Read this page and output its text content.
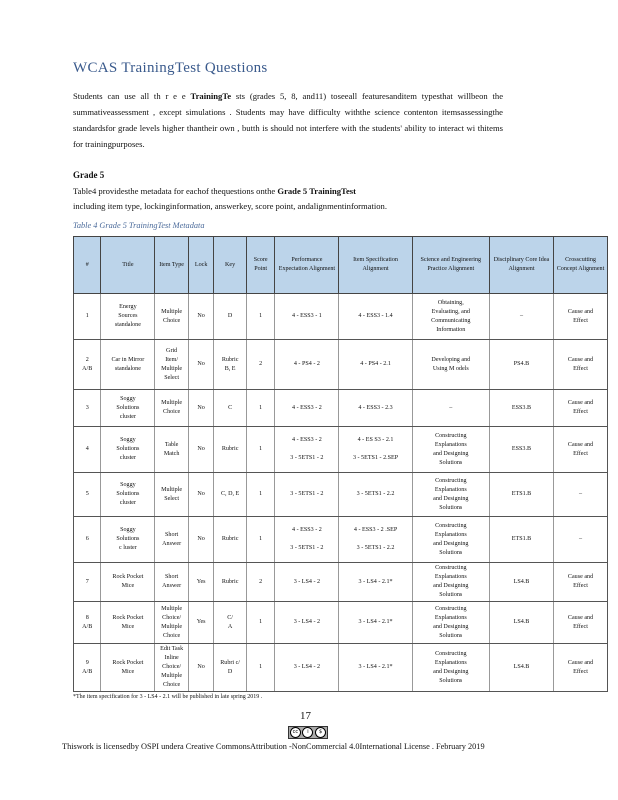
WCAS TrainingTest Questions
Students can use all th r e e TrainingTe sts (grades 5, 8, and11) toseeall featuresanditem typesthat willbeon the summativeassessment , except simulations . Students may have difficulty withthe science contenton itemsassessingthe standardsfor grade levels higher thantheir own , butth is should not interfere with the students' ability to interact wi thitems for trainingpurposes.
Grade 5
Table4 providesthe metadata for eachof thequestions onthe Grade 5 TrainingTest
including item type, lockinginformation, answerkey, score point, andalignmentinformation.
Table 4 Grade 5 TrainingTest Metadata
#	Title	Item Type	Lock	Key	Score Point	Performance Expectation Alignment	Item Specification Alignment	Science and Engineering Practice Alignment	Disciplinary Core Idea Alignment	Crosscutting Concept Alignment

1	Energy
Sources
standalone	Multiple
Choice	No	D	1	4 - ESS3 - 1	4 - ESS3 - 1.4	Obtaining,
Evaluating, and
Communicating
Information	–	Cause and
Effect

2
A/B	Car in Mirror
standalone	Grid
Item/
Multiple
Select	No	Rubric
B, E	2	4 - PS4 - 2	4 - PS4 - 2.1	Developing and
Using M odels	PS4.B	Cause and
Effect

3	Soggy
Solutions
cluster	Multiple
Choice	No	C	1	4 - ESS3 - 2	4 - ESS3 - 2.3	–	ESS3.B	Cause and
Effect

4	Soggy
Solutions
cluster	Table
Match	No	Rubric	1	4 - ESS3 - 2

3 - 5ETS1 - 2	4 - ES S3 - 2.1

3 - 5ETS1 - 2.SEP	Constructing
Explanations
and Designing
Solutions	ESS3.B	Cause and
Effect

5	Soggy
Solutions
cluster	Multiple
Select	No	C, D, E	1	3 - 5ETS1 - 2	3 - 5ETS1 - 2.2	Constructing
Explanations
and Designing
Solutions	ETS1.B	–

6	Soggy
Solutions
c luster	Short
Answer	No	Rubric	1	4 - ESS3 - 2

3 - 5ETS1 - 2	4 - ESS3 - 2 .SEP

3 - 5ETS1 - 2.2	Constructing
Explanations
and Designing
Solutions	ETS1.B	–

7	Rock Pocket
Mice	Short
Answer	Yes	Rubric	2	3 - LS4 - 2	3 - LS4 - 2.1*	Constructing
Explanations
and Designing
Solutions	LS4.B	Cause and
Effect

8
A/B	Rock Pocket
Mice	Multiple
Choice/
Multiple
Choice	Yes	C/
A	1	3 - LS4 - 2	3 - LS4 - 2.1*	Constructing
Explanations
and Designing
Solutions	LS4.B	Cause and
Effect

9
A/B	Rock Pocket
Mice	Edit Task
Inline
Choice/
Multiple
Choice	No	Rubri c/
D	1	3 - LS4 - 2	3 - LS4 - 2.1*	Constructing
Explanations
and Designing
Solutions	LS4.B	Cause and
Effect
*The item specification for 3 - LS4 - 2.1 will be published in late spring 2019 .
17
cc	i	$
Thiswork is licensedby OSPI undera Creative CommonsAttribution -NonCommercial 4.0International License . February 2019
